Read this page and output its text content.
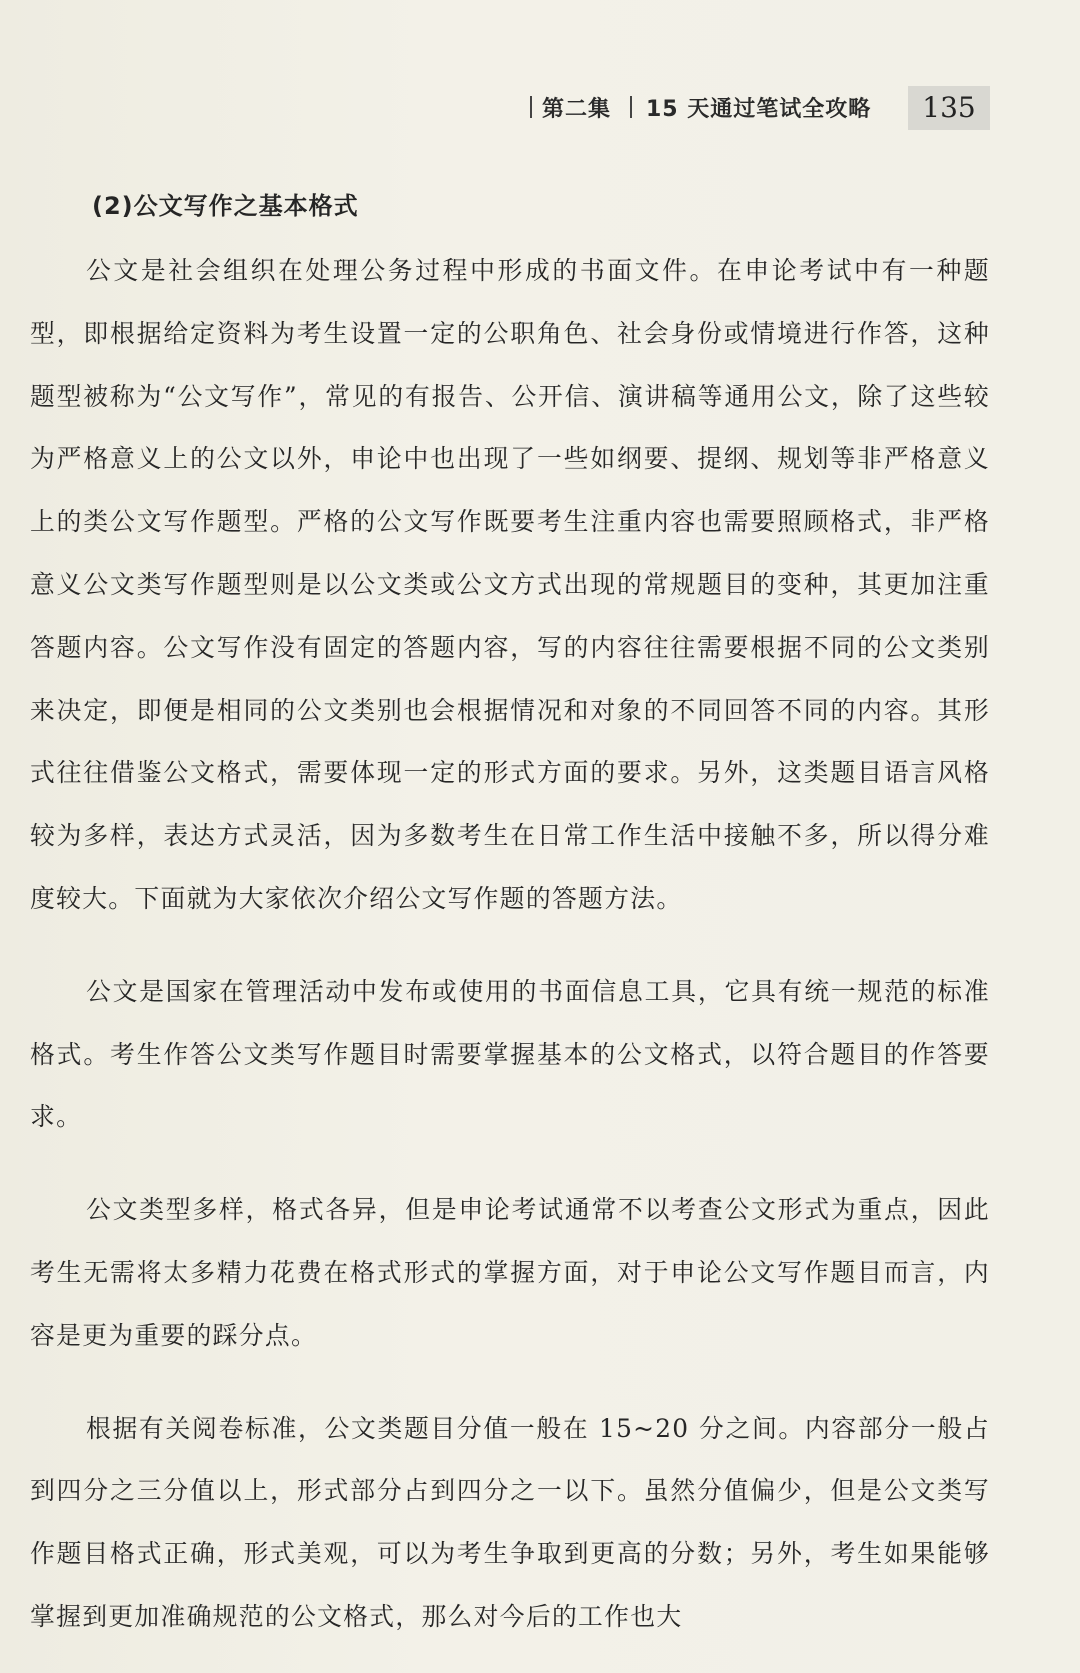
第二集 15 天通过笔试全攻略	135
(2)公文写作之基本格式

公文是社会组织在处理公务过程中形成的书面文件。在申论考试中有一种题型，即根据给定资料为考生设置一定的公职角色、社会身份或情境进行作答，这种题型被称为“公文写作”，常见的有报告、公开信、演讲稿等通用公文，除了这些较为严格意义上的公文以外，申论中也出现了一些如纲要、提纲、规划等非严格意义上的类公文写作题型。严格的公文写作既要考生注重内容也需要照顾格式，非严格意义公文类写作题型则是以公文类或公文方式出现的常规题目的变种，其更加注重答题内容。公文写作没有固定的答题内容，写的内容往往需要根据不同的公文类别来决定，即便是相同的公文类别也会根据情况和对象的不同回答不同的内容。其形式往往借鉴公文格式，需要体现一定的形式方面的要求。另外，这类题目语言风格较为多样，表达方式灵活，因为多数考生在日常工作生活中接触不多，所以得分难度较大。下面就为大家依次介绍公文写作题的答题方法。

公文是国家在管理活动中发布或使用的书面信息工具，它具有统一规范的标准格式。考生作答公文类写作题目时需要掌握基本的公文格式，以符合题目的作答要求。

公文类型多样，格式各异，但是申论考试通常不以考查公文形式为重点，因此考生无需将太多精力花费在格式形式的掌握方面，对于申论公文写作题目而言，内容是更为重要的踩分点。

根据有关阅卷标准，公文类题目分值一般在 15~20 分之间。内容部分一般占到四分之三分值以上，形式部分占到四分之一以下。虽然分值偏少，但是公文类写作题目格式正确，形式美观，可以为考生争取到更高的分数；另外，考生如果能够掌握到更加准确规范的公文格式，那么对今后的工作也大
